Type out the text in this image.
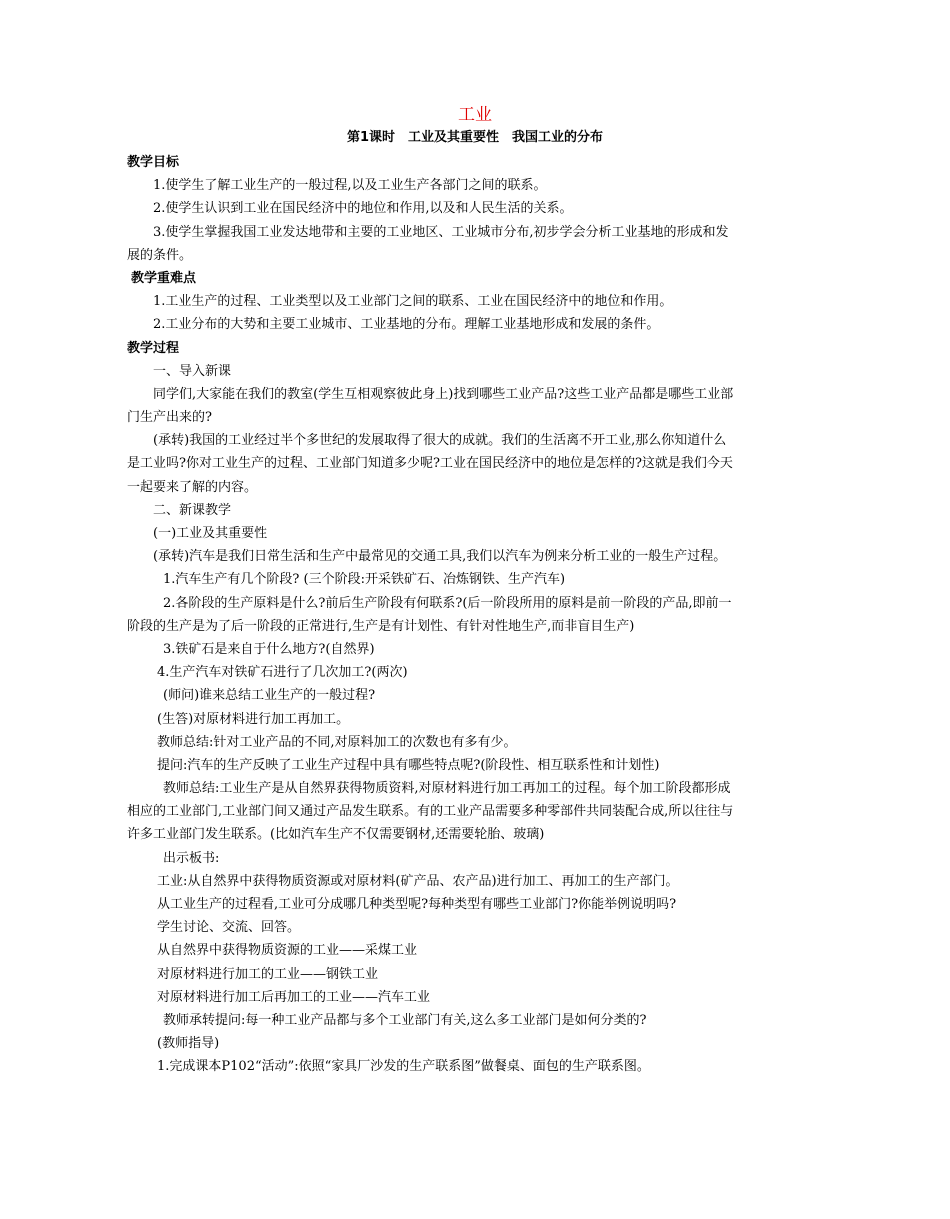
工业
第1课时　工业及其重要性　我国工业的分布
教学目标
1.使学生了解工业生产的一般过程,以及工业生产各部门之间的联系。
2.使学生认识到工业在国民经济中的地位和作用,以及和人民生活的关系。
3.使学生掌握我国工业发达地带和主要的工业地区、工业城市分布,初步学会分析工业基地的形成和发
展的条件。
教学重难点
1.工业生产的过程、工业类型以及工业部门之间的联系、工业在国民经济中的地位和作用。
2.工业分布的大势和主要工业城市、工业基地的分布。理解工业基地形成和发展的条件。
教学过程
一、导入新课
同学们,大家能在我们的教室(学生互相观察彼此身上)找到哪些工业产品?这些工业产品都是哪些工业部
门生产出来的?
(承转)我国的工业经过半个多世纪的发展取得了很大的成就。我们的生活离不开工业,那么你知道什么
是工业吗?你对工业生产的过程、工业部门知道多少呢?工业在国民经济中的地位是怎样的?这就是我们今天
一起要来了解的内容。
二、新课教学
(一)工业及其重要性
(承转)汽车是我们日常生活和生产中最常见的交通工具,我们以汽车为例来分析工业的一般生产过程。
1.汽车生产有几个阶段? (三个阶段:开采铁矿石、冶炼钢铁、生产汽车)
2.各阶段的生产原料是什么?前后生产阶段有何联系?(后一阶段所用的原料是前一阶段的产品,即前一
阶段的生产是为了后一阶段的正常进行,生产是有计划性、有针对性地生产,而非盲目生产)
3.铁矿石是来自于什么地方?(自然界)
4.生产汽车对铁矿石进行了几次加工?(两次)
(师问)谁来总结工业生产的一般过程?
(生答)对原材料进行加工再加工。
教师总结:针对工业产品的不同,对原料加工的次数也有多有少。
提问:汽车的生产反映了工业生产过程中具有哪些特点呢?(阶段性、相互联系性和计划性)
教师总结:工业生产是从自然界获得物质资料,对原材料进行加工再加工的过程。每个加工阶段都形成
相应的工业部门,工业部门间又通过产品发生联系。有的工业产品需要多种零部件共同装配合成,所以往往与
许多工业部门发生联系。(比如汽车生产不仅需要钢材,还需要轮胎、玻璃)
出示板书:
工业:从自然界中获得物质资源或对原材料(矿产品、农产品)进行加工、再加工的生产部门。
从工业生产的过程看,工业可分成哪几种类型呢?每种类型有哪些工业部门?你能举例说明吗?
学生讨论、交流、回答。
从自然界中获得物质资源的工业——采煤工业
对原材料进行加工的工业——钢铁工业
对原材料进行加工后再加工的工业——汽车工业
教师承转提问:每一种工业产品都与多个工业部门有关,这么多工业部门是如何分类的?
(教师指导)
1.完成课本P102“活动”:依照“家具厂沙发的生产联系图”做餐桌、面包的生产联系图。
